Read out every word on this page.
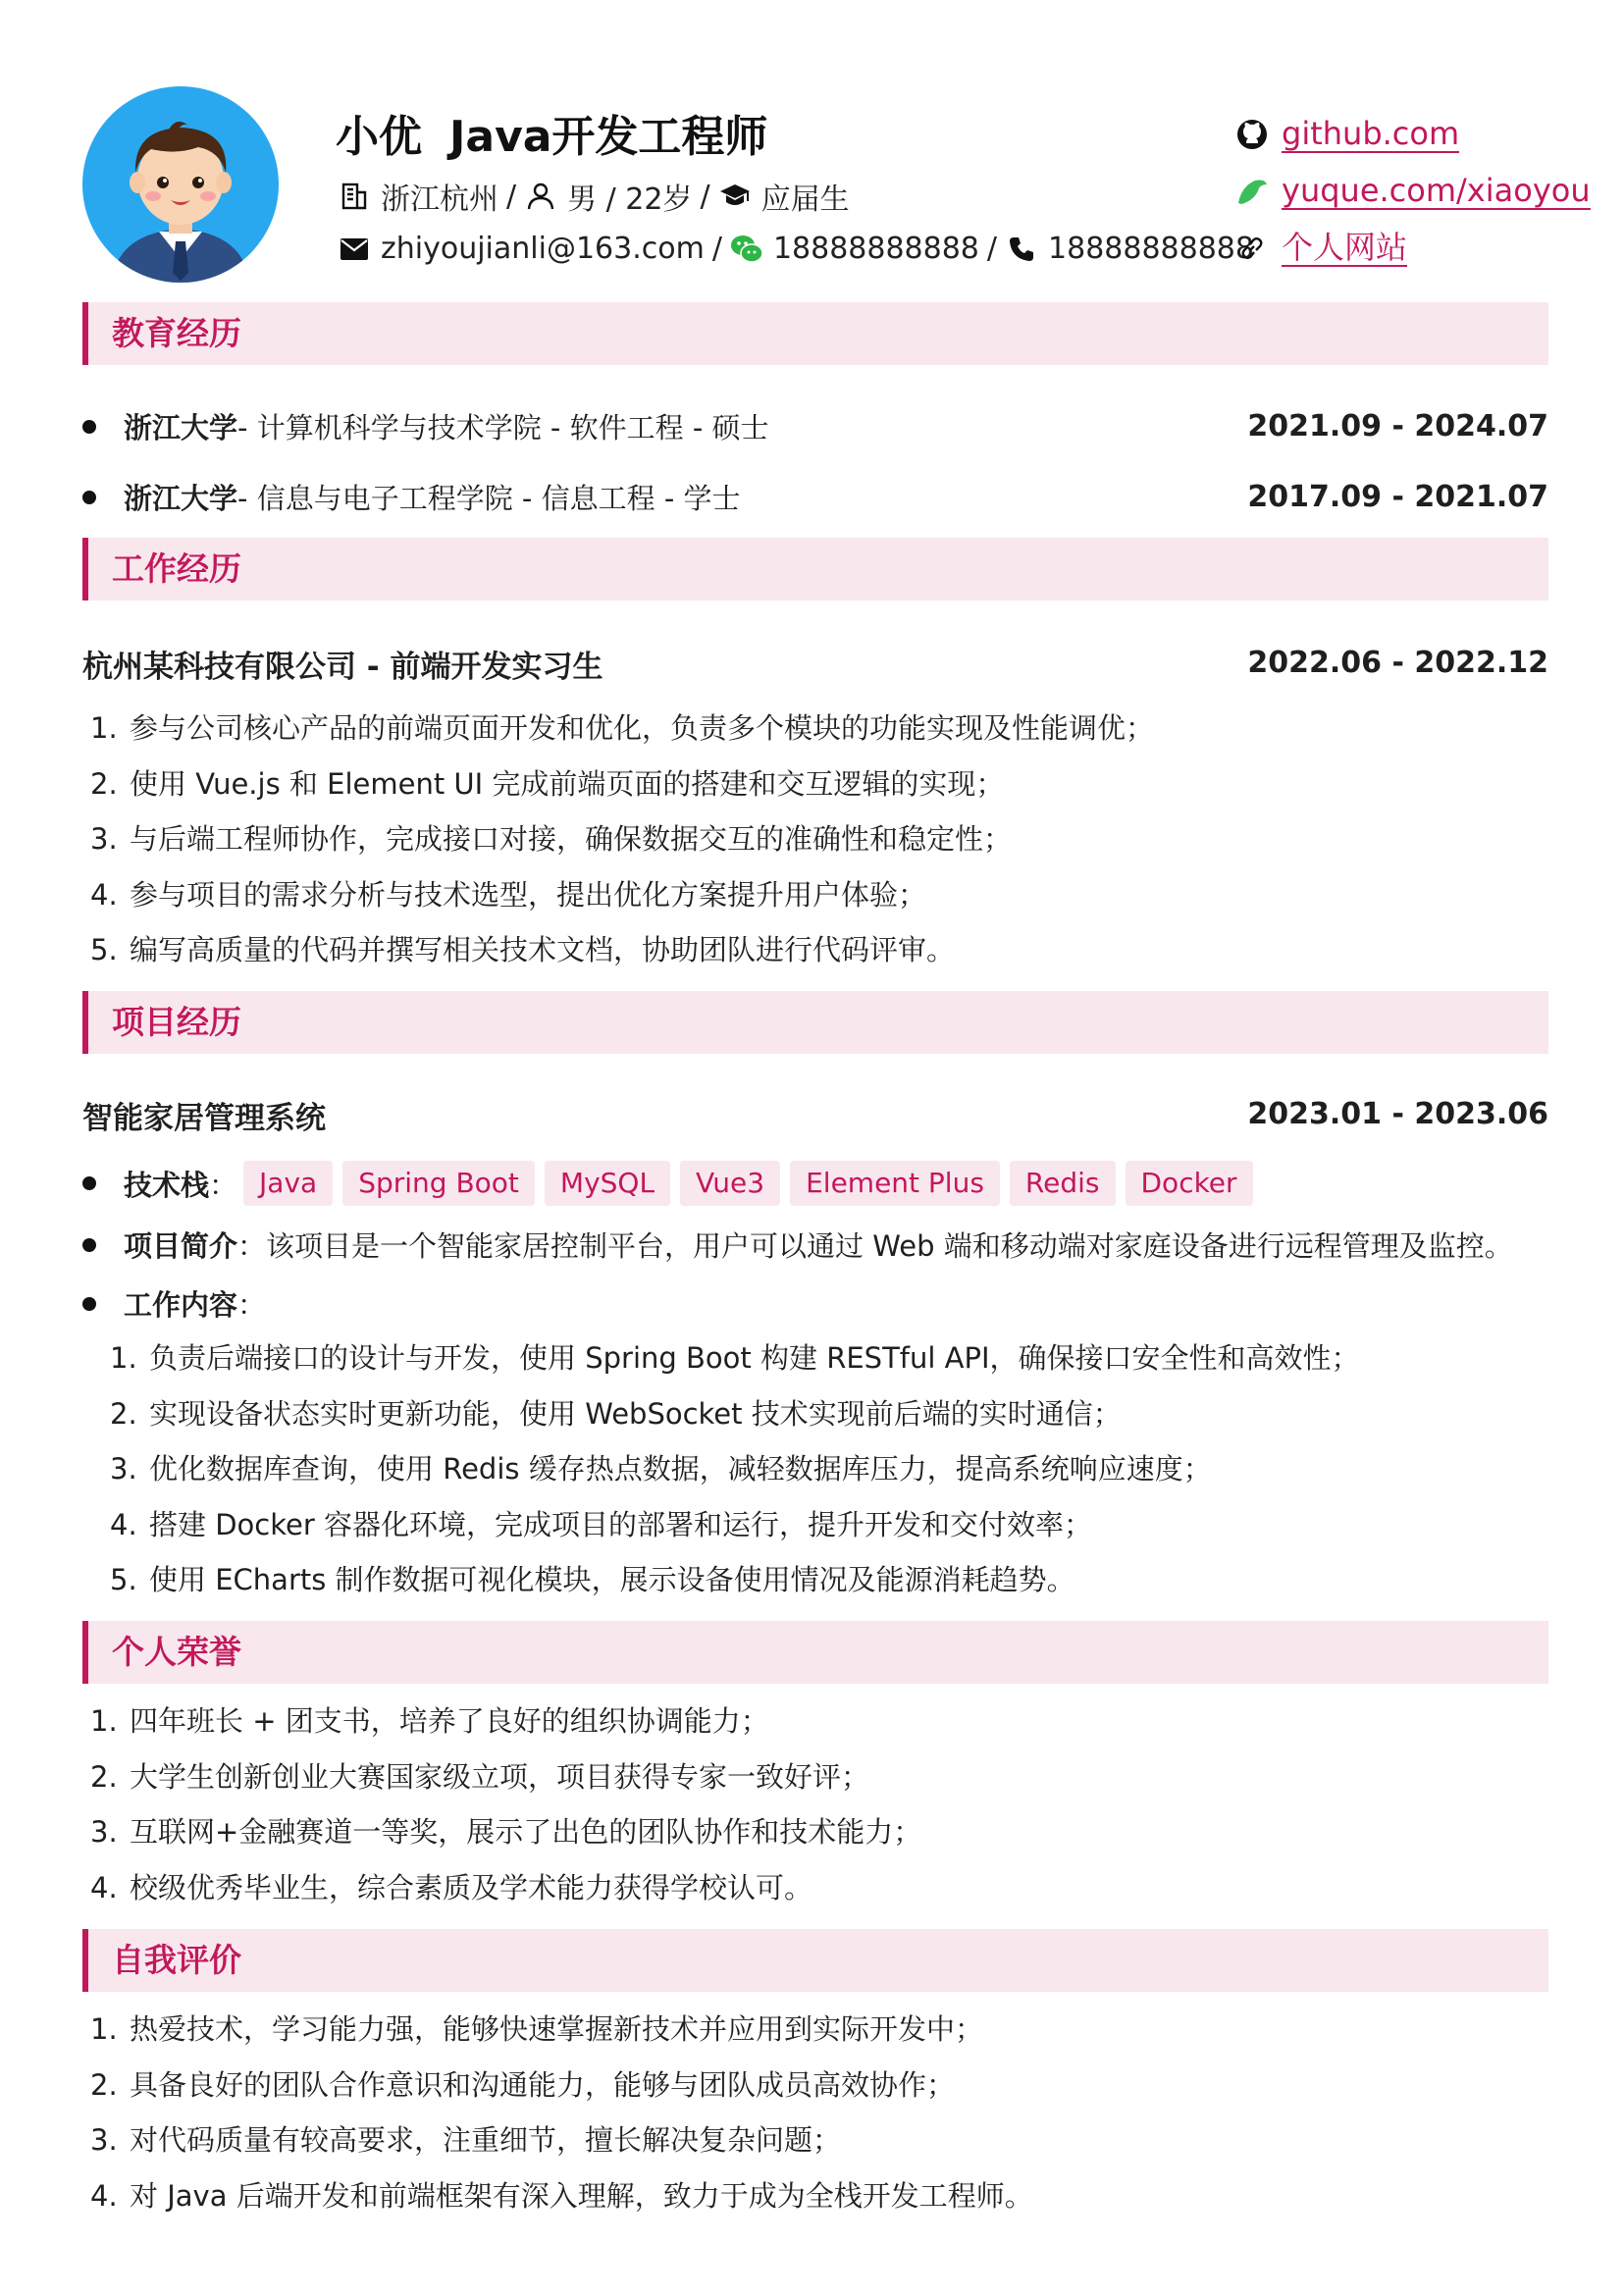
小优 Java开发工程师
浙江杭州 / 男 / 22岁 / 应届生
zhiyoujianli@163.com / 18888888888 / 18888888888
github.com
yuque.com/xiaoyou
个人网站
教育经历
浙江大学 - 计算机科学与技术学院 - 软件工程 - 硕士	2021.09 - 2024.07
浙江大学 - 信息与电子工程学院 - 信息工程 - 学士	2017.09 - 2021.07
工作经历
杭州某科技有限公司 - 前端开发实习生	2022.06 - 2022.12
1. 参与公司核心产品的前端页面开发和优化，负责多个模块的功能实现及性能调优；
2. 使用 Vue.js 和 Element UI 完成前端页面的搭建和交互逻辑的实现；
3. 与后端工程师协作，完成接口对接，确保数据交互的准确性和稳定性；
4. 参与项目的需求分析与技术选型，提出优化方案提升用户体验；
5. 编写高质量的代码并撰写相关技术文档，协助团队进行代码评审。
项目经历
智能家居管理系统	2023.01 - 2023.06
技术栈 ： Java	Spring Boot	MySQL	Vue3	Element Plus	Redis	Docker
项目简介 ： 该项目是一个智能家居控制平台，用户可以通过 Web 端和移动端对家庭设备进行远程管理及监控。
工作内容 ：
1. 负责后端接口的设计与开发，使用 Spring Boot 构建 RESTful API，确保接口安全性和高效性；
2. 实现设备状态实时更新功能，使用 WebSocket 技术实现前后端的实时通信；
3. 优化数据库查询，使用 Redis 缓存热点数据，减轻数据库压力，提高系统响应速度；
4. 搭建 Docker 容器化环境，完成项目的部署和运行，提升开发和交付效率；
5. 使用 ECharts 制作数据可视化模块，展示设备使用情况及能源消耗趋势。
个人荣誉
1. 四年班长 + 团支书，培养了良好的组织协调能力；
2. 大学生创新创业大赛国家级立项，项目获得专家一致好评；
3. 互联网+金融赛道一等奖，展示了出色的团队协作和技术能力；
4. 校级优秀毕业生，综合素质及学术能力获得学校认可。
自我评价
1. 热爱技术，学习能力强，能够快速掌握新技术并应用到实际开发中；
2. 具备良好的团队合作意识和沟通能力，能够与团队成员高效协作；
3. 对代码质量有较高要求，注重细节，擅长解决复杂问题；
4. 对 Java 后端开发和前端框架有深入理解，致力于成为全栈开发工程师。
